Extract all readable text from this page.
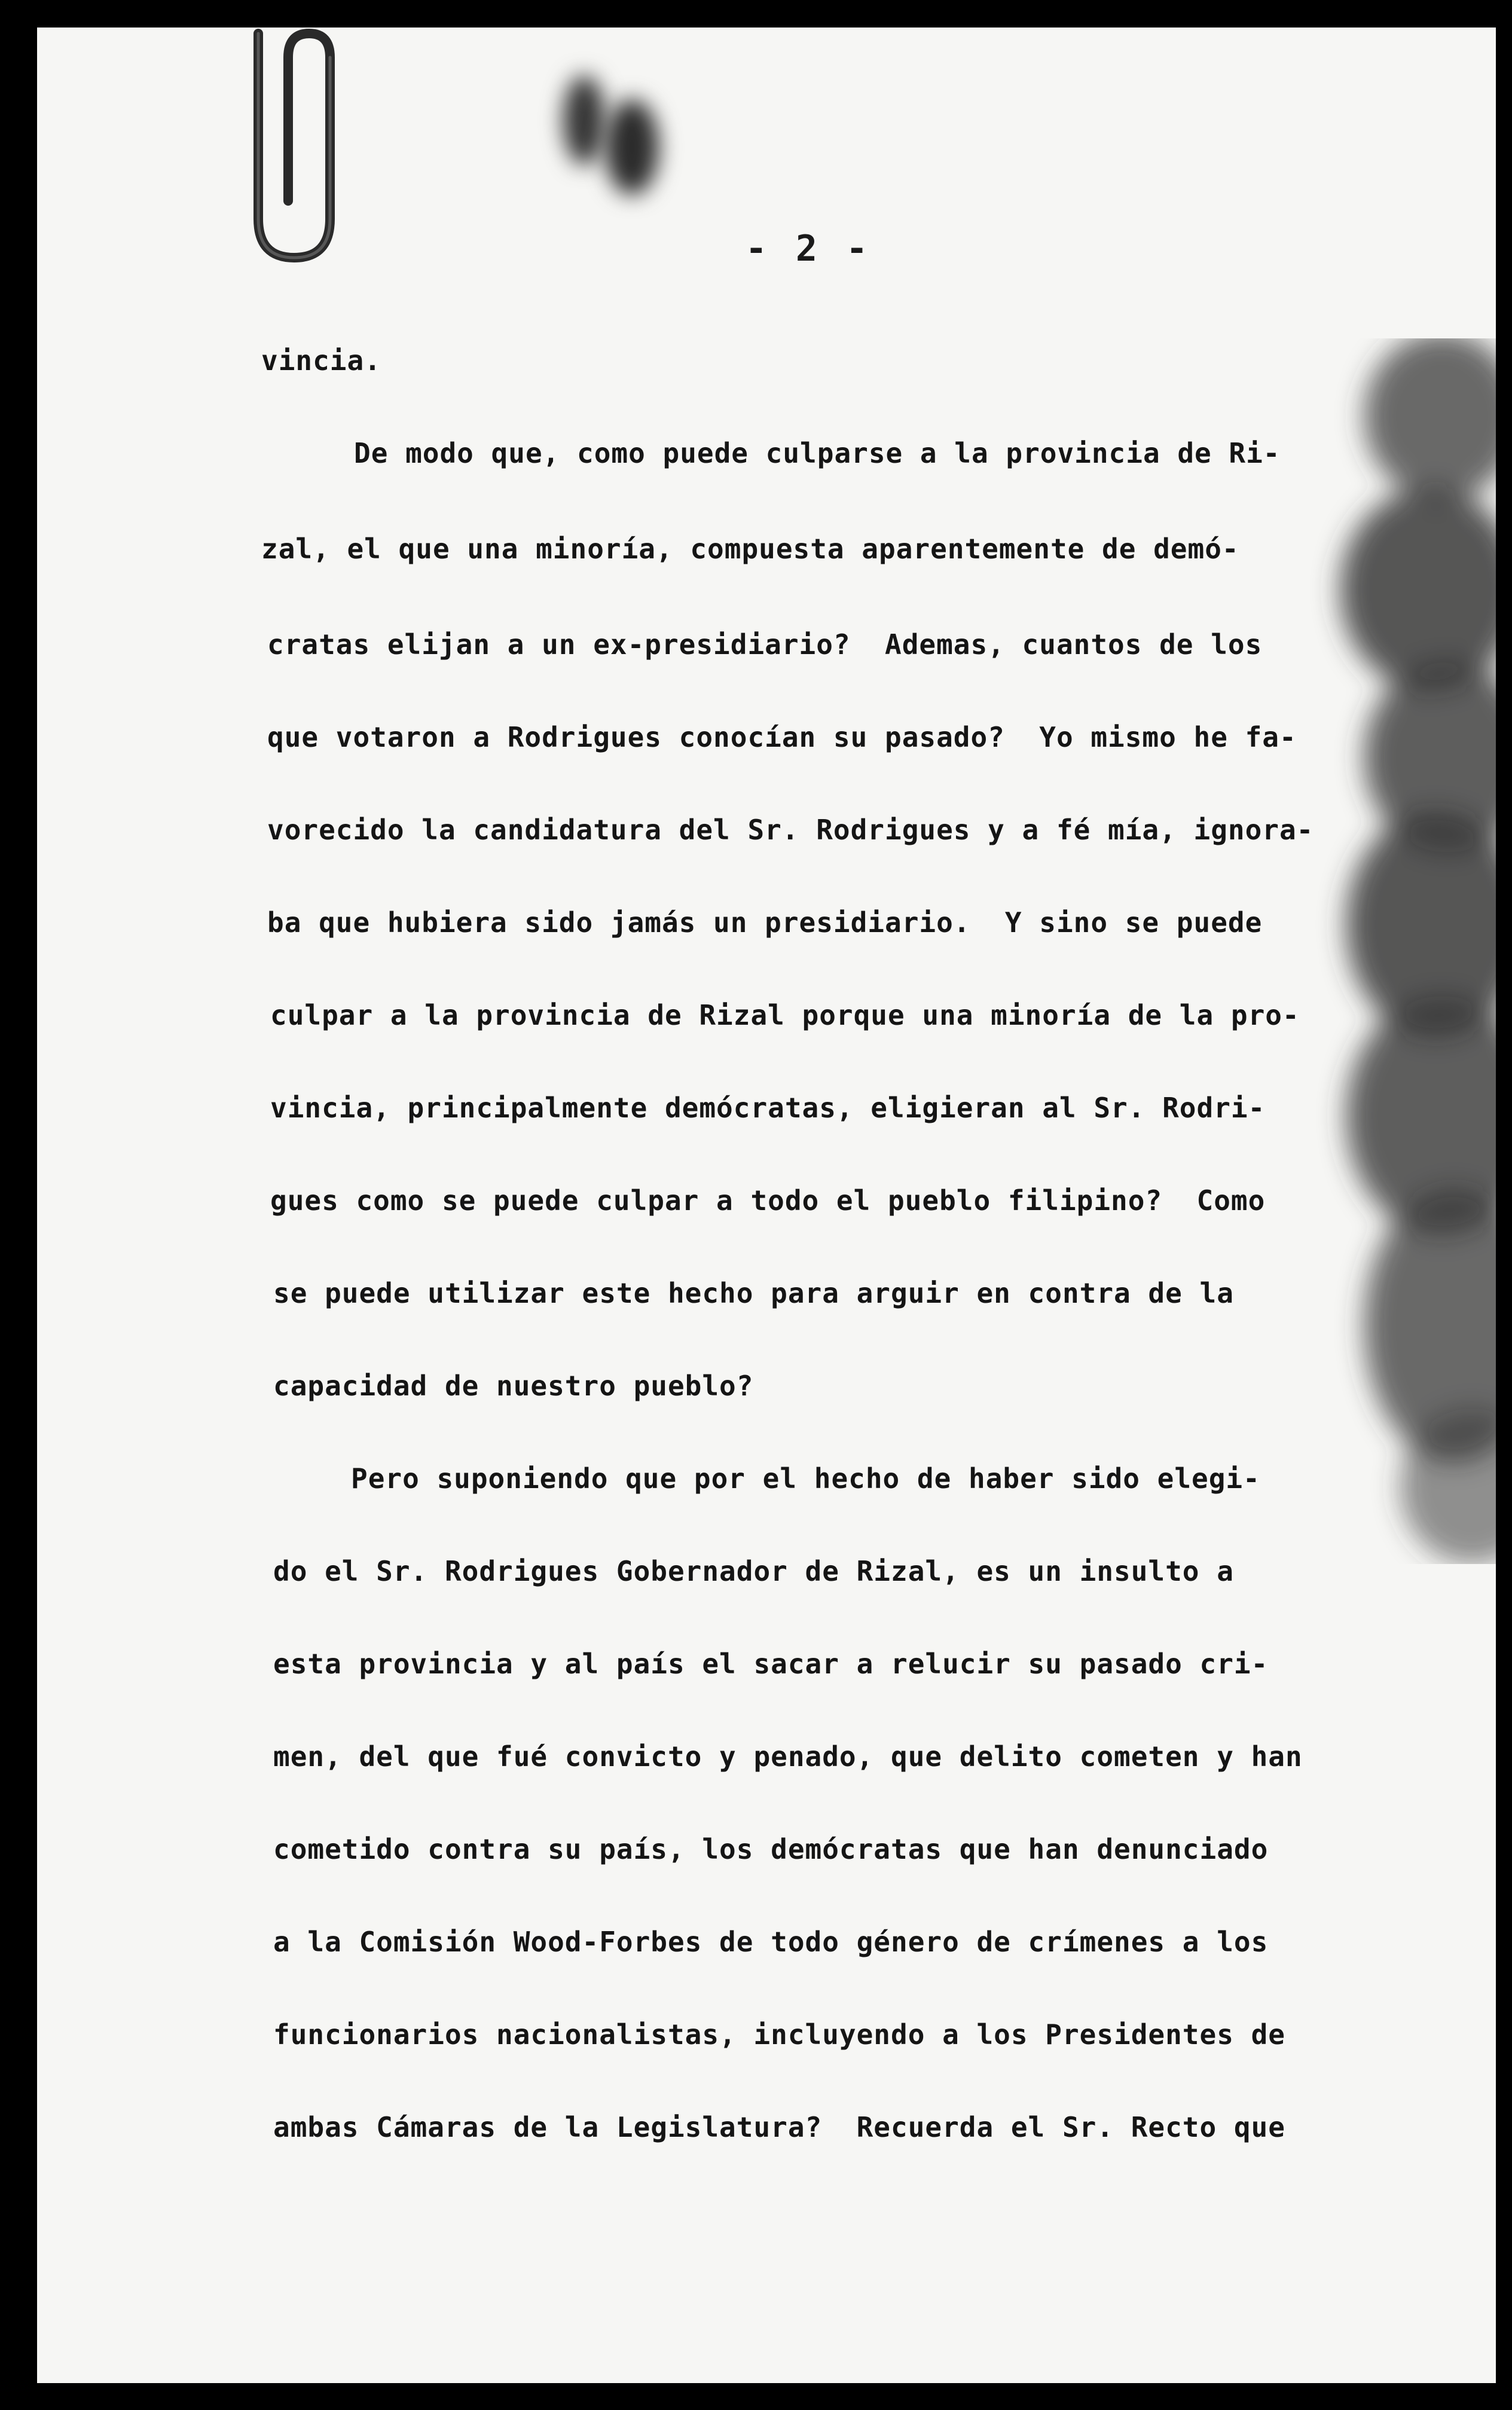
- 2 -
vincia.
De modo que, como puede culparse a la provincia de Ri-
zal, el que una minoría, compuesta aparentemente de demó-
cratas elijan a un ex-presidiario?  Ademas, cuantos de los
que votaron a Rodrigues conocían su pasado?  Yo mismo he fa-
vorecido la candidatura del Sr. Rodrigues y a fé mía, ignora-
ba que hubiera sido jamás un presidiario.  Y sino se puede
culpar a la provincia de Rizal porque una minoría de la pro-
vincia, principalmente demócratas, eligieran al Sr. Rodri-
gues como se puede culpar a todo el pueblo filipino?  Como
se puede utilizar este hecho para arguir en contra de la
capacidad de nuestro pueblo?
Pero suponiendo que por el hecho de haber sido elegi-
do el Sr. Rodrigues Gobernador de Rizal, es un insulto a
esta provincia y al país el sacar a relucir su pasado cri-
men, del que fué convicto y penado, que delito cometen y han
cometido contra su país, los demócratas que han denunciado
a la Comisión Wood-Forbes de todo género de crímenes a los
funcionarios nacionalistas, incluyendo a los Presidentes de
ambas Cámaras de la Legislatura?  Recuerda el Sr. Recto que
